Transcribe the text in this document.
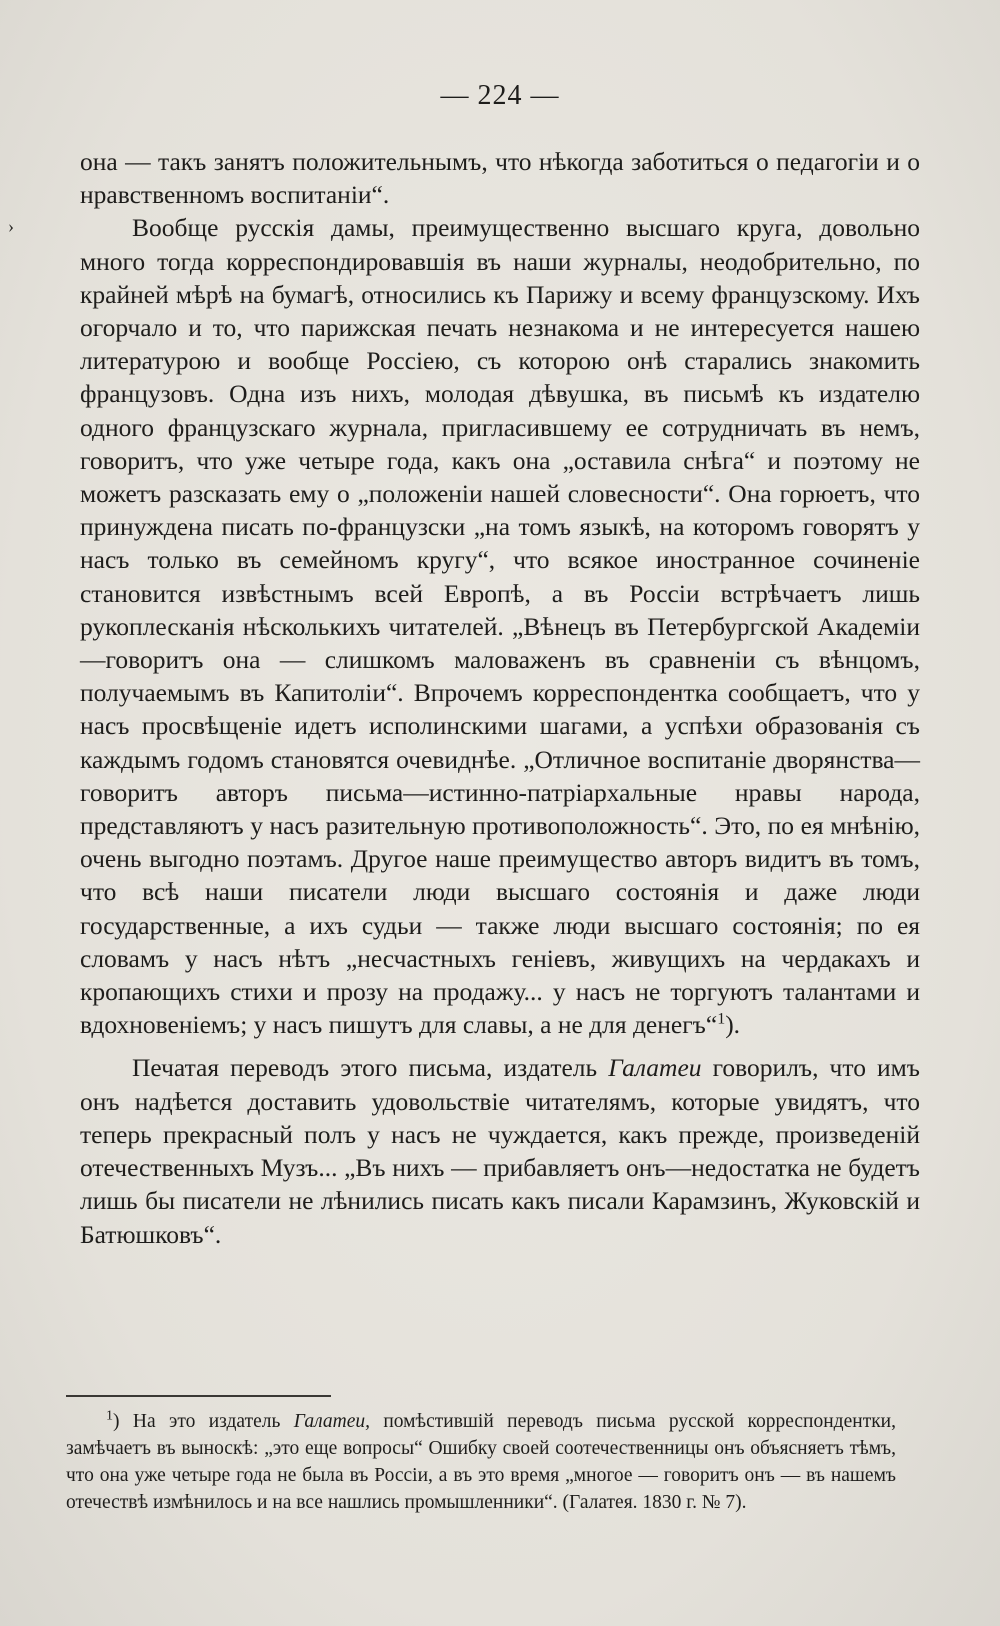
›
— 224 —

она — такъ занятъ положительнымъ, что нѣкогда заботиться о педагогіи и о нравственномъ воспитаніи“.

Вообще русскія дамы, преимущественно высшаго круга, довольно много тогда корреспондировавшія въ наши журналы, неодобрительно, по крайней мѣрѣ на бумагѣ, относились къ Парижу и всему французскому. Ихъ огорчало и то, что парижская печать незнакома и не интересуется нашею литературою и вообще Россіею, съ которою онѣ старались знакомить французовъ. Одна изъ нихъ, молодая дѣвушка, въ письмѣ къ издателю одного французскаго журнала, пригласившему ее сотрудничать въ немъ, говоритъ, что уже четыре года, какъ она „оставила снѣга“ и поэтому не можетъ разсказать ему о „положеніи нашей словесности“. Она горюетъ, что принуждена писать по-французски „на томъ языкѣ, на которомъ говорятъ у насъ только въ семейномъ кругу“, что всякое иностранное сочиненіе становится извѣстнымъ всей Европѣ, а въ Россіи встрѣчаетъ лишь рукоплесканія нѣсколькихъ читателей. „Вѣнецъ въ Петербургской Академіи—говоритъ она — слишкомъ маловаженъ въ сравненіи съ вѣнцомъ, получаемымъ въ Капитоліи“. Впрочемъ корреспондентка сообщаетъ, что у насъ просвѣщеніе идетъ исполинскими шагами, а успѣхи образованія съ каждымъ годомъ становятся очевиднѣе. „Отличное воспитаніе дворянства—говоритъ авторъ письма—истинно-патріархальные нравы народа, представляютъ у насъ разительную противоположность“. Это, по ея мнѣнію, очень выгодно поэтамъ. Другое наше преимущество авторъ видитъ въ томъ, что всѣ наши писатели люди высшаго состоянія и даже люди государственные, а ихъ судьи — также люди высшаго состоянія; по ея словамъ у насъ нѣтъ „несчастныхъ геніевъ, живущихъ на чердакахъ и кропающихъ стихи и прозу на продажу... у насъ не торгуютъ талантами и вдохновеніемъ; у насъ пишутъ для славы, а не для денегъ“$^1$).

Печатая переводъ этого письма, издатель Галатеи говорилъ, что имъ онъ надѣется доставить удовольствіе читателямъ, которые увидятъ, что теперь прекрасный полъ у насъ не чуждается, какъ прежде, произведеній отечественныхъ Музъ... „Въ нихъ — прибавляетъ онъ—недостатка не будетъ лишь бы писатели не лѣнились писать какъ писали Карамзинъ, Жуковскій и Батюшковъ“.

$^1$) На это издатель Галатеи, помѣстившій переводъ письма русской корреспондентки, замѣчаетъ въ выноскѣ: „это еще вопросы“ Ошибку своей соотечественницы онъ объясняетъ тѣмъ, что она уже четыре года не была въ Россіи, а въ это время „многое — говоритъ онъ — въ нашемъ отечествѣ измѣнилось и на все нашлись промышленники“. (Галатея. 1830 г. № 7).
